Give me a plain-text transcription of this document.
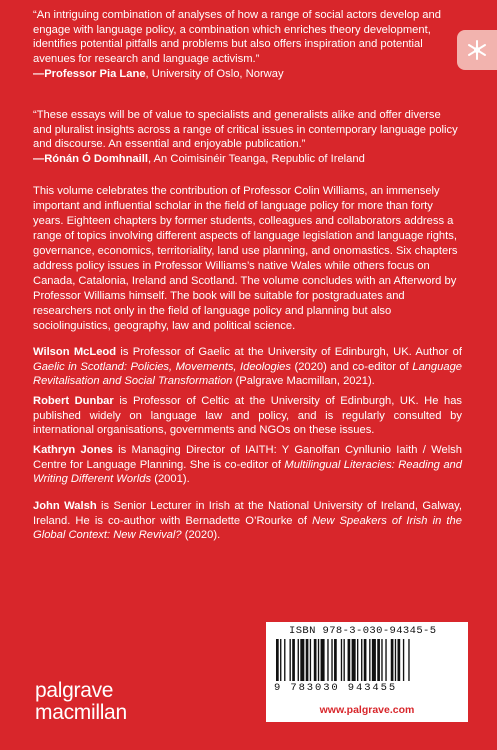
“An intriguing combination of analyses of how a range of social actors develop and engage with language policy, a combination which enriches theory development, identifies potential pitfalls and problems but also offers inspiration and potential avenues for research and language activism.”

—Professor Pia Lane, University of Oslo, Norway

“These essays will be of value to specialists and generalists alike and offer diverse and pluralist insights across a range of critical issues in contemporary language policy and discourse. An essential and enjoyable publication.”

—Rónán Ó Domhnaill, An Coimisinéir Teanga, Republic of Ireland

This volume celebrates the contribution of Professor Colin Williams, an immensely important and influential scholar in the field of language policy for more than forty years. Eighteen chapters by former students, colleagues and collaborators address a range of topics involving different aspects of language legislation and language rights, governance, economics, territoriality, land use planning, and onomastics. Six chapters address policy issues in Professor Williams’s native Wales while others focus on Canada, Catalonia, Ireland and Scotland. The volume concludes with an Afterword by Professor Williams himself. The book will be suitable for postgraduates and researchers not only in the field of language policy and planning but also sociolinguistics, geography, law and political science.
Wilson McLeod is Professor of Gaelic at the University of Edinburgh, UK. Author of Gaelic in Scotland: Policies, Movements, Ideologies (2020) and co-editor of Language Revitalisation and Social Transformation (Palgrave Macmillan, 2021).
Robert Dunbar is Professor of Celtic at the University of Edinburgh, UK. He has published widely on language law and policy, and is regularly consulted by international organisations, governments and NGOs on these issues.
Kathryn Jones is Managing Director of IAITH: Y Ganolfan Cynllunio Iaith / Welsh Centre for Language Planning. She is co-editor of Multilingual Literacies: Reading and Writing Different Worlds (2001).
John Walsh is Senior Lecturer in Irish at the National University of Ireland, Galway, Ireland. He is co-author with Bernadette O’Rourke of New Speakers of Irish in the Global Context: New Revival? (2020).
ISBN 978-3-030-94345-5
9 783030 943455
www.palgrave.com
palgrave
macmillan
